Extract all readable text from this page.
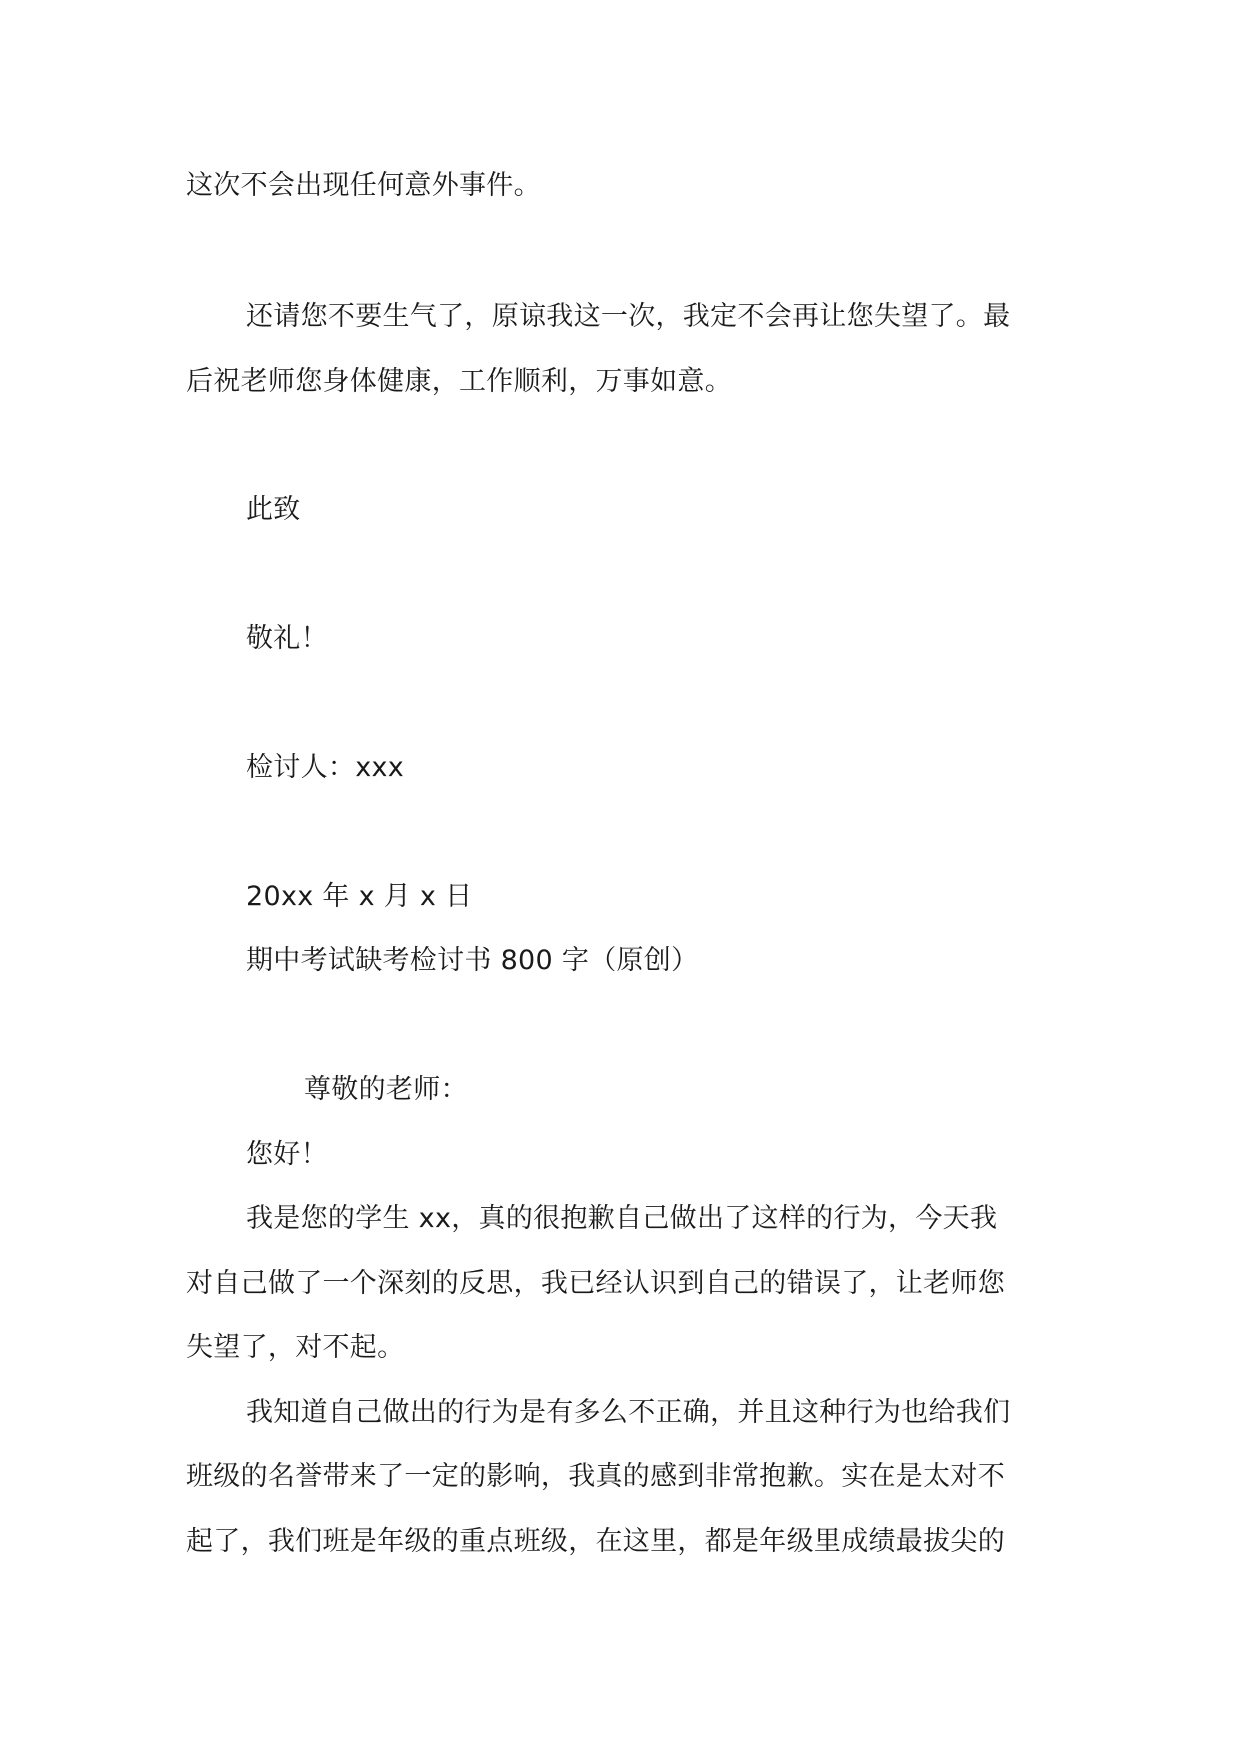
这次不会出现任何意外事件。

还请您不要生气了，原谅我这一次，我定不会再让您失望了。最

后祝老师您身体健康，工作顺利，万事如意。

此致

敬礼！

检讨人：xxx

20xx 年 x 月 x 日

期中考试缺考检讨书 800 字（原创）

尊敬的老师：

您好！

我是您的学生 xx，真的很抱歉自己做出了这样的行为，今天我

对自己做了一个深刻的反思，我已经认识到自己的错误了，让老师您

失望了，对不起。

我知道自己做出的行为是有多么不正确，并且这种行为也给我们

班级的名誉带来了一定的影响，我真的感到非常抱歉。实在是太对不

起了，我们班是年级的重点班级，在这里，都是年级里成绩最拔尖的
